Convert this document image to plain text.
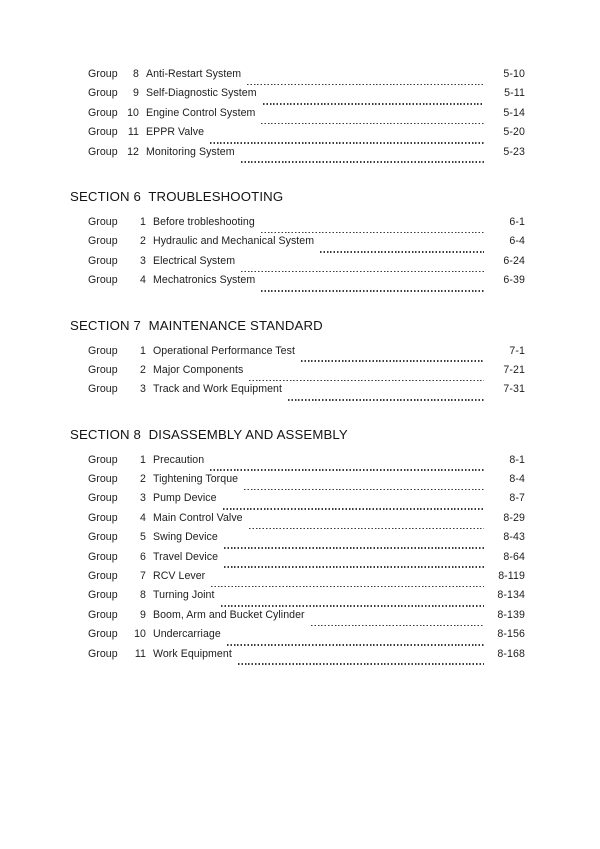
Group	8 Anti-Restart System	5-10
Group	9 Self-Diagnostic System	5-11
Group 10 Engine Control System	5-14
Group 11 EPPR Valve	5-20
Group 12 Monitoring System	5-23
SECTION 6  TROUBLESHOOTING
Group	1 Before trobleshooting	6-1
Group	2 Hydraulic and Mechanical System	6-4
Group	3 Electrical System	6-24
Group	4 Mechatronics System	6-39
SECTION 7  MAINTENANCE STANDARD
Group	1 Operational Performance Test	7-1
Group	2 Major Components	7-21
Group	3 Track and Work Equipment	7-31
SECTION 8  DISASSEMBLY AND ASSEMBLY
Group	1 Precaution	8-1
Group	2 Tightening Torque	8-4
Group	3 Pump Device	8-7
Group	4 Main Control Valve	8-29
Group	5 Swing Device	8-43
Group	6 Travel Device	8-64
Group	7 RCV Lever	8-119
Group	8 Turning Joint	8-134
Group	9 Boom, Arm and Bucket Cylinder	8-139
Group	10 Undercarriage	8-156
Group	11 Work Equipment	8-168
